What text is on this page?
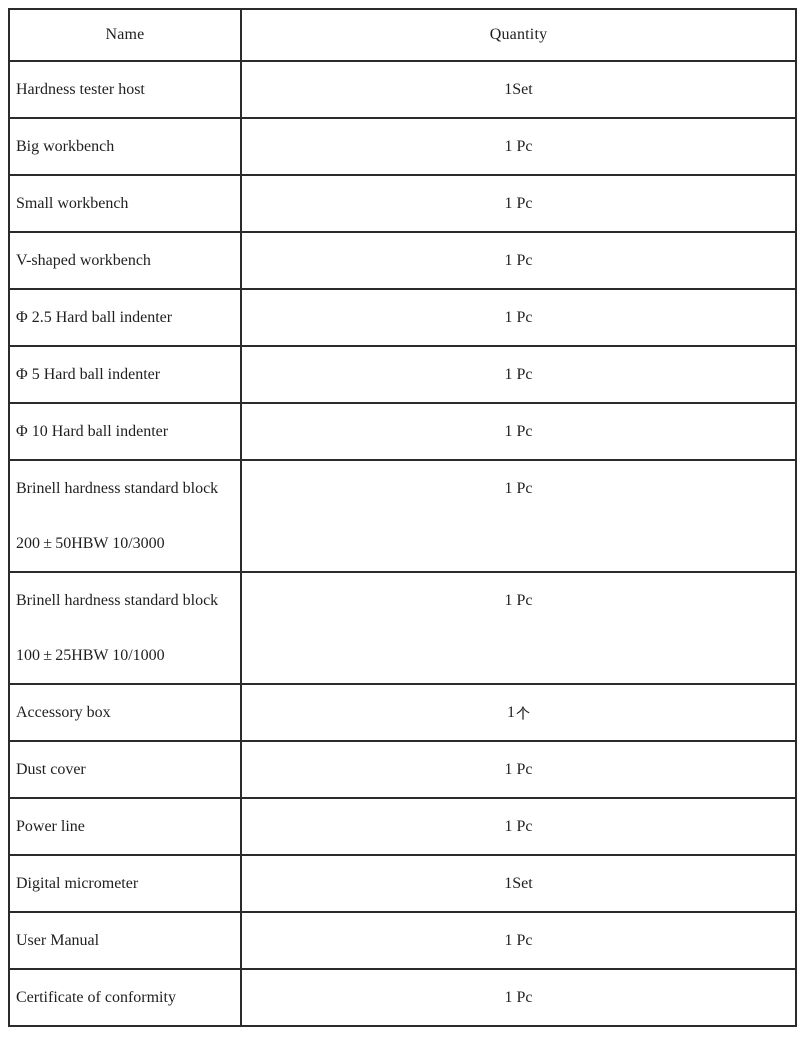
Name	Quantity

Hardness tester host	1Set

Big workbench	1 Pc

Small workbench	1 Pc

V-shaped workbench	1 Pc

Φ 2.5 Hard ball indenter	1 Pc

Φ 5 Hard ball indenter	1 Pc

Φ 10 Hard ball indenter	1 Pc

Brinell hardness standard block
200 ± 50HBW 10/3000	1 Pc

Brinell hardness standard block
100 ± 25HBW 10/1000	1 Pc

Accessory box	1

Dust cover	1 Pc

Power line	1 Pc

Digital micrometer	1Set

User Manual	1 Pc

Certificate of conformity	1 Pc
